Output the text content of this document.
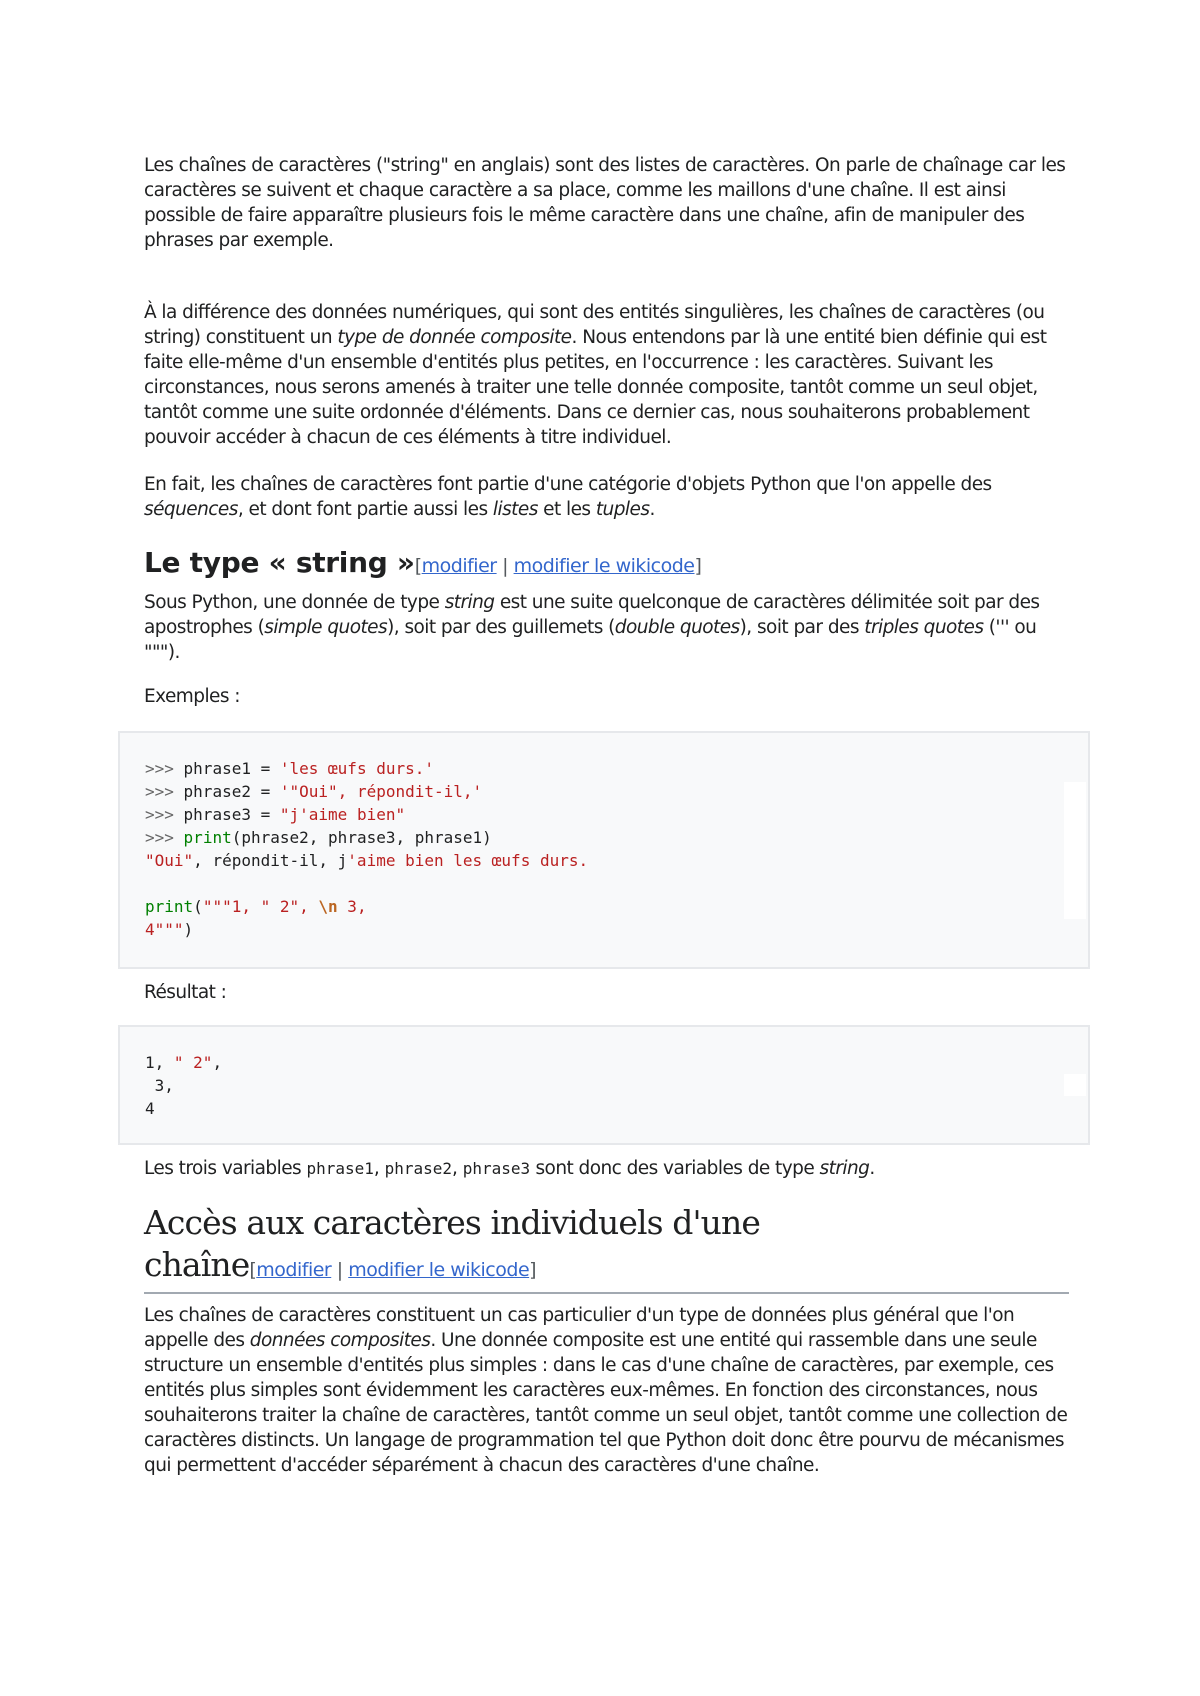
Les chaînes de caractères ("string" en anglais) sont des listes de caractères. On parle de chaînage car les caractères se suivent et chaque caractère a sa place, comme les maillons d'une chaîne. Il est ainsi possible de faire apparaître plusieurs fois le même caractère dans une chaîne, afin de manipuler des phrases par exemple.

À la différence des données numériques, qui sont des entités singulières, les chaînes de caractères (ou string) constituent un type de donnée composite. Nous entendons par là une entité bien définie qui est faite elle-même d'un ensemble d'entités plus petites, en l'occurrence : les caractères. Suivant les circonstances, nous serons amenés à traiter une telle donnée composite, tantôt comme un seul objet, tantôt comme une suite ordonnée d'éléments. Dans ce dernier cas, nous souhaiterons probablement pouvoir accéder à chacun de ces éléments à titre individuel.

En fait, les chaînes de caractères font partie d'une catégorie d'objets Python que l'on appelle des séquences, et dont font partie aussi les listes et les tuples.

Le type « string »[modifier | modifier le wikicode]

Sous Python, une donnée de type string est une suite quelconque de caractères délimitée soit par des apostrophes (simple quotes), soit par des guillemets (double quotes), soit par des triples quotes (''' ou """).

Exemples :

>>> phrase1 = 'les œufs durs.'
>>> phrase2 = '"Oui", répondit-il,'
>>> phrase3 = "j'aime bien"
>>> print(phrase2, phrase3, phrase1)
"Oui", répondit-il, j'aime bien les œufs durs.

print("""1, " 2", \n 3,
4""")

Résultat :

1, " 2",
3,
4

Les trois variables phrase1, phrase2, phrase3 sont donc des variables de type string.

Accès aux caractères individuels d'une
chaîne[modifier | modifier le wikicode]

Les chaînes de caractères constituent un cas particulier d'un type de données plus général que l'on appelle des données composites. Une donnée composite est une entité qui rassemble dans une seule structure un ensemble d'entités plus simples : dans le cas d'une chaîne de caractères, par exemple, ces entités plus simples sont évidemment les caractères eux-mêmes. En fonction des circonstances, nous souhaiterons traiter la chaîne de caractères, tantôt comme un seul objet, tantôt comme une collection de caractères distincts. Un langage de programmation tel que Python doit donc être pourvu de mécanismes qui permettent d'accéder séparément à chacun des caractères d'une chaîne.
